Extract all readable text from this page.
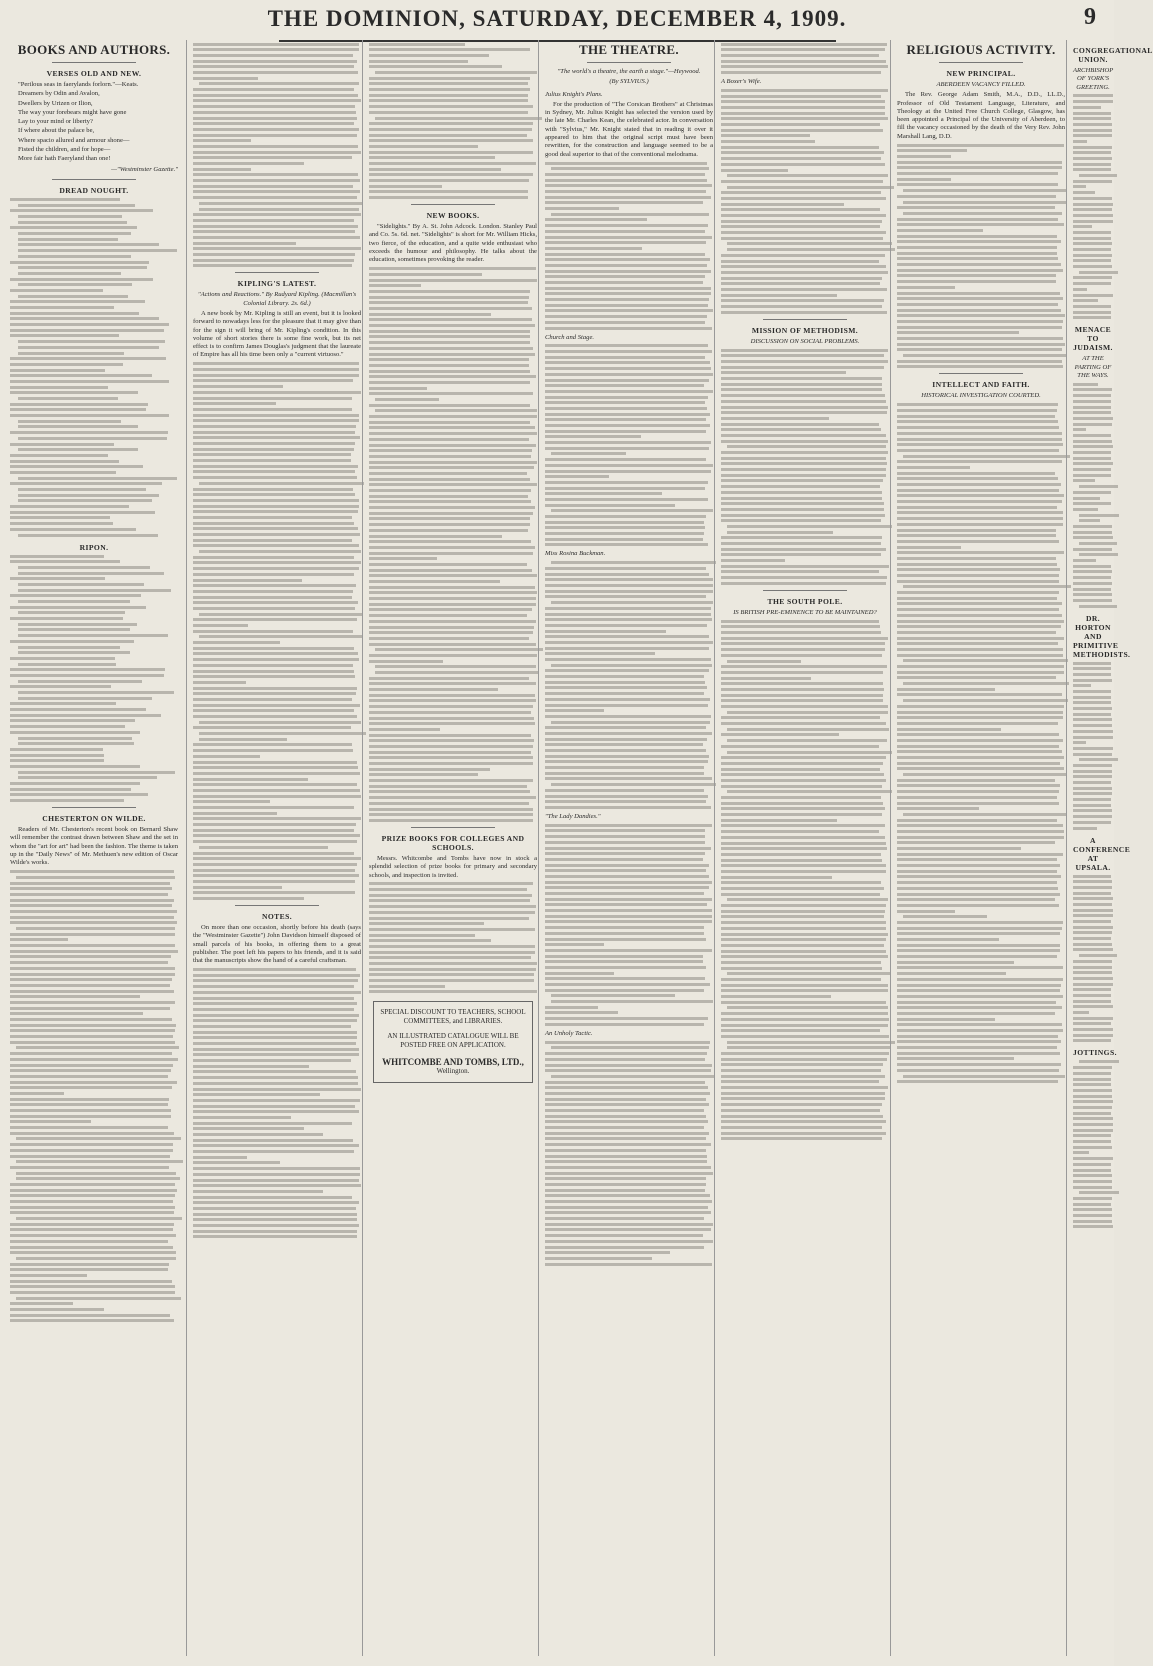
THE DOMINION, SATURDAY, DECEMBER 4, 1909.	9
BOOKS AND AUTHORS.
VERSES OLD AND NEW.
"Perilous seas in faerylands forlorn."—Keats.
Dreamers by Odin and Avalon,
Dwellers by Urizen or Ilion,
The way your forebears might have gone
Lay to your mind or liberty?
If where about the palace be,
Where spacio allured and armour shone—
Fisted the children, and for hope—
More fair hath Faeryland than one!
—"Westminster Gazette."
DREAD NOUGHT.
RIPON.
CHESTERTON ON WILDE.

Readers of Mr. Chesterton's recent book on Bernard Shaw will remember the contrast drawn between Shaw and the set in whom the "art for art" had been the fashion. The theme is taken up in the "Daily News" of Mr. Methuen's new edition of Oscar Wilde's works.

KIPLING'S LATEST.
"Actions and Reactions." By Rudyard Kipling. (Macmillan's Colonial Library. 2s. 6d.)

A new book by Mr. Kipling is still an event, but it is looked forward to nowadays less for the pleasure that it may give than for the sign it will bring of Mr. Kipling's condition. In this volume of short stories there is some fine work, but its net effect is to confirm James Douglas's judgment that the laureate of Empire has all his time been only a "current virtuoso."

NOTES.

On more than one occasion, shortly before his death (says the "Westminster Gazette") John Davidson himself disposed of small parcels of his books, in offering them to a great publisher. The poet left his papers to his friends, and it is said that the manuscripts show the hand of a careful craftsman.

NEW BOOKS.

"Sidelights." By A. St. John Adcock. London. Stanley Paul and Co. 5s. 6d. net. "Sidelights" is short for Mr. William Hicks, two fierce, of the education, and a quite wide enthusiast who exceeds the humour and philosophy. He talks about the education, sometimes provoking the reader.

PRIZE BOOKS FOR COLLEGES AND SCHOOLS.

Messrs. Whitcombe and Tombs have now in stock a splendid selection of prize books for primary and secondary schools, and inspection is invited.

SPECIAL DISCOUNT TO TEACHERS, SCHOOL COMMITTEES, and LIBRARIES.
AN ILLUSTRATED CATALOGUE WILL BE POSTED FREE ON APPLICATION.
WHITCOMBE AND TOMBS, LTD.,
Wellington.
THE THEATRE.
"The world's a theatre, the earth a stage."—Heywood.
(By SYLVIUS.)
Julius Knight's Plans.

For the production of "The Corsican Brothers" at Christmas in Sydney, Mr. Julius Knight has selected the version used by the late Mr. Charles Kean, the celebrated actor. In conversation with "Sylvius," Mr. Knight stated that in reading it over it appeared to him that the original script must have been rewritten, for the construction and language seemed to be a good deal superior to that of the conventional melodrama.

Church and Stage.
Miss Rosina Buckman.
"The Lady Dandies."
An Unholy Tactic.
A Boxer's Wife.
MISSION OF METHODISM.
DISCUSSION ON SOCIAL PROBLEMS.
THE SOUTH POLE.
IS BRITISH PRE-EMINENCE TO BE MAINTAINED?
RELIGIOUS ACTIVITY.
NEW PRINCIPAL.
ABERDEEN VACANCY FILLED.

The Rev. George Adam Smith, M.A., D.D., LL.D., Professor of Old Testament Language, Literature, and Theology at the United Free Church College, Glasgow, has been appointed a Principal of the University of Aberdeen, to fill the vacancy occasioned by the death of the Very Rev. John Marshall Lang, D.D.

INTELLECT AND FAITH.
HISTORICAL INVESTIGATION COURTED.
CONGREGATIONAL UNION.
ARCHBISHOP OF YORK'S GREETING.
MENACE TO JUDAISM.
AT THE PARTING OF THE WAYS.
DR. HORTON AND PRIMITIVE METHODISTS.
A CONFERENCE AT UPSALA.
JOTTINGS.
